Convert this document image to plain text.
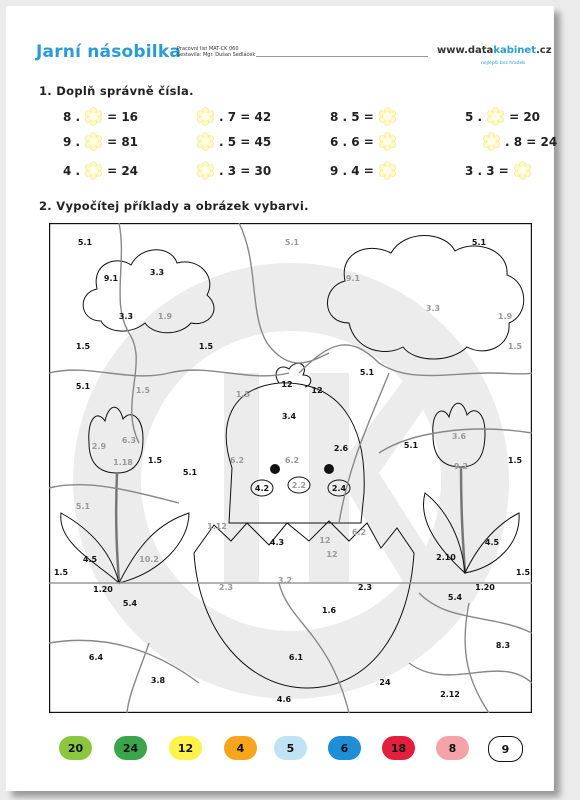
Jarní násobilka
Pracovní list MAT-CK 060
Sestavila: Mgr. Dušan Sedláček	www.datakabinet.cz
nejlepší bez hradeb
1. Doplň správně čísla.
8 . = 16	. 7 = 42	8 . 5 =	5 . = 20
9 . = 81	. 5 = 45	6 . 6 =	. 8 = 24
4 . = 24	. 3 = 30	9 . 4 =	3 . 3 =
2. Vypočítej příklady a obrázek vybarvi.
5.1
9.1
3.3
3.3	1.9
1.5	1.5
5.1	5.1
9.1
3.3
1.9
1.5
5.1	1.5	1.5
5.1
12
12
3.4
2.9
6.3
1.18 1.5
5.1
6.2	6.2
2.6
4.2	2.2	2.4
3.6
9.2
5.1
1.5
5.1
1.12
4.3	12
6.2
12
4.5	10.2
1.5
1.20
5.4
2.3
3.2
2.3
2.10
4.5
1.5
1.20
5.4
1.6
6.4	6.1
8.3
3.8	24
4.6
2.12
20	24	12	4	5	6	18	8	9
